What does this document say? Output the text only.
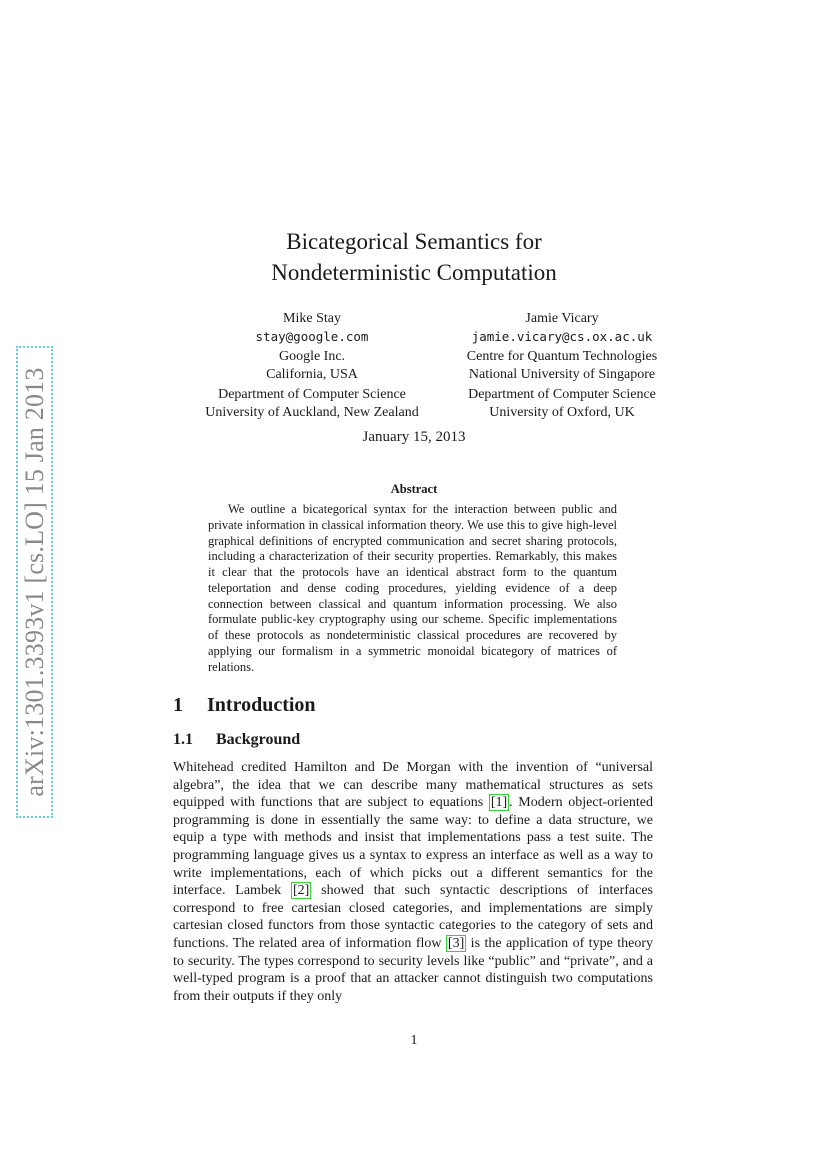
arXiv:1301.3393v1 [cs.LO] 15 Jan 2013
Bicategorical Semantics for
Nondeterministic Computation
Mike Stay
stay@google.com
Google Inc.
California, USA
Department of Computer Science
University of Auckland, New Zealand
Jamie Vicary
jamie.vicary@cs.ox.ac.uk
Centre for Quantum Technologies
National University of Singapore
Department of Computer Science
University of Oxford, UK
January 15, 2013
Abstract
We outline a bicategorical syntax for the interaction between public and private information in classical information theory. We use this to give high-level graphical definitions of encrypted communication and secret sharing protocols, including a characterization of their security properties. Remarkably, this makes it clear that the protocols have an identical abstract form to the quantum teleportation and dense coding procedures, yielding evidence of a deep connection between classical and quantum information processing. We also formulate public-key cryptography using our scheme. Specific implementations of these protocols as nondeterministic classical procedures are recovered by applying our formalism in a symmetric monoidal bicategory of matrices of relations.
1 Introduction
1.1 Background
Whitehead credited Hamilton and De Morgan with the invention of “universal algebra”, the idea that we can describe many mathematical structures as sets equipped with functions that are subject to equations [1] . Modern object-oriented programming is done in essentially the same way: to define a data structure, we equip a type with methods and insist that implementations pass a test suite. The programming language gives us a syntax to express an interface as well as a way to write implementations, each of which picks out a different semantics for the interface. Lambek [2] showed that such syntactic descriptions of interfaces correspond to free cartesian closed categories, and implementations are simply cartesian closed functors from those syntactic categories to the category of sets and functions. The related area of information flow [3] is the application of type theory to security. The types correspond to security levels like “public” and “private”, and a well-typed program is a proof that an attacker cannot distinguish two computations from their outputs if they only
1
